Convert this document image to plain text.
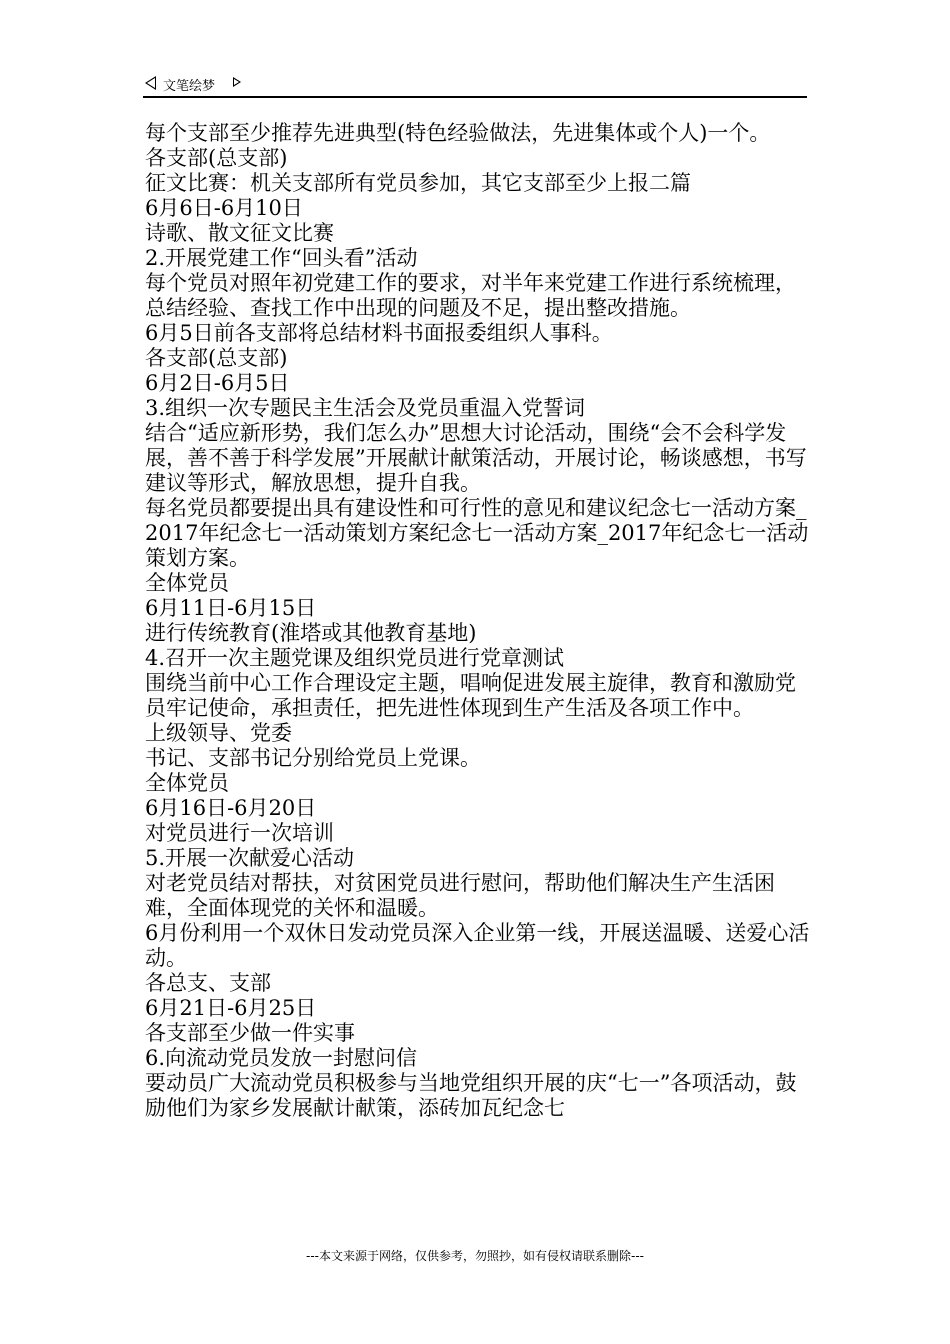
文笔绘梦
每个支部至少推荐先进典型(特色经验做法，先进集体或个人)一个。
各支部(总支部)
征文比赛：机关支部所有党员参加，其它支部至少上报二篇
6月6日-6月10日
诗歌、散文征文比赛
2.开展党建工作“回头看”活动
每个党员对照年初党建工作的要求，对半年来党建工作进行系统梳理，总结经验、查找工作中出现的问题及不足，提出整改措施。
6月5日前各支部将总结材料书面报委组织人事科。
各支部(总支部)
6月2日-6月5日
3.组织一次专题民主生活会及党员重温入党誓词
结合“适应新形势，我们怎么办”思想大讨论活动，围绕“会不会科学发展，善不善于科学发展”开展献计献策活动，开展讨论，畅谈感想，书写建议等形式，解放思想，提升自我。
每名党员都要提出具有建设性和可行性的意见和建议纪念七一活动方案_2017年纪念七一活动策划方案纪念七一活动方案_2017年纪念七一活动策划方案。
全体党员
6月11日-6月15日
进行传统教育(淮塔或其他教育基地)
4.召开一次主题党课及组织党员进行党章测试
围绕当前中心工作合理设定主题，唱响促进发展主旋律，教育和激励党员牢记使命，承担责任，把先进性体现到生产生活及各项工作中。
上级领导、党委
书记、支部书记分别给党员上党课。
全体党员
6月16日-6月20日
对党员进行一次培训
5.开展一次献爱心活动
对老党员结对帮扶，对贫困党员进行慰问，帮助他们解决生产生活困难，全面体现党的关怀和温暖。
6月份利用一个双休日发动党员深入企业第一线，开展送温暖、送爱心活动。
各总支、支部
6月21日-6月25日
各支部至少做一件实事
6.向流动党员发放一封慰问信
要动员广大流动党员积极参与当地党组织开展的庆“七一”各项活动，鼓励他们为家乡发展献计献策，添砖加瓦纪念七
---本文来源于网络，仅供参考，勿照抄，如有侵权请联系删除---
